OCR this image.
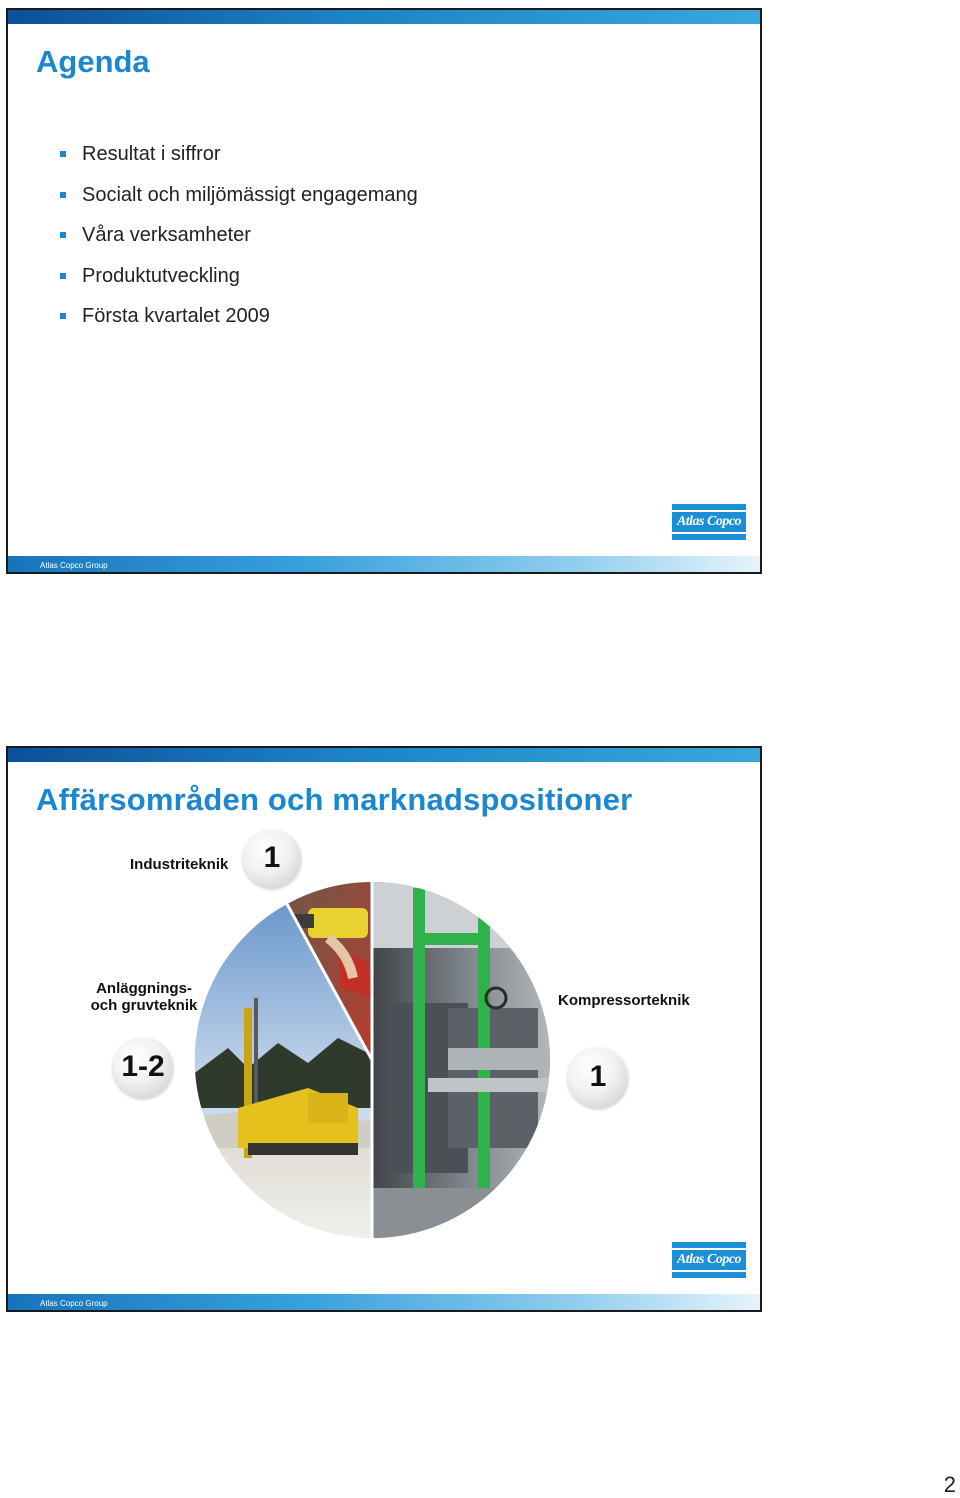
Agenda
Resultat i siffror
Socialt och miljömässigt engagemang
Våra verksamheter
Produktutveckling
Första kvartalet 2009
Atlas Copco
Atlas Copco Group
Affärsområden och marknadspositioner
Industriteknik	1
Anläggnings-
och gruvteknik
1-2
Kompressorteknik
1
Atlas Copco
Atlas Copco Group
2
